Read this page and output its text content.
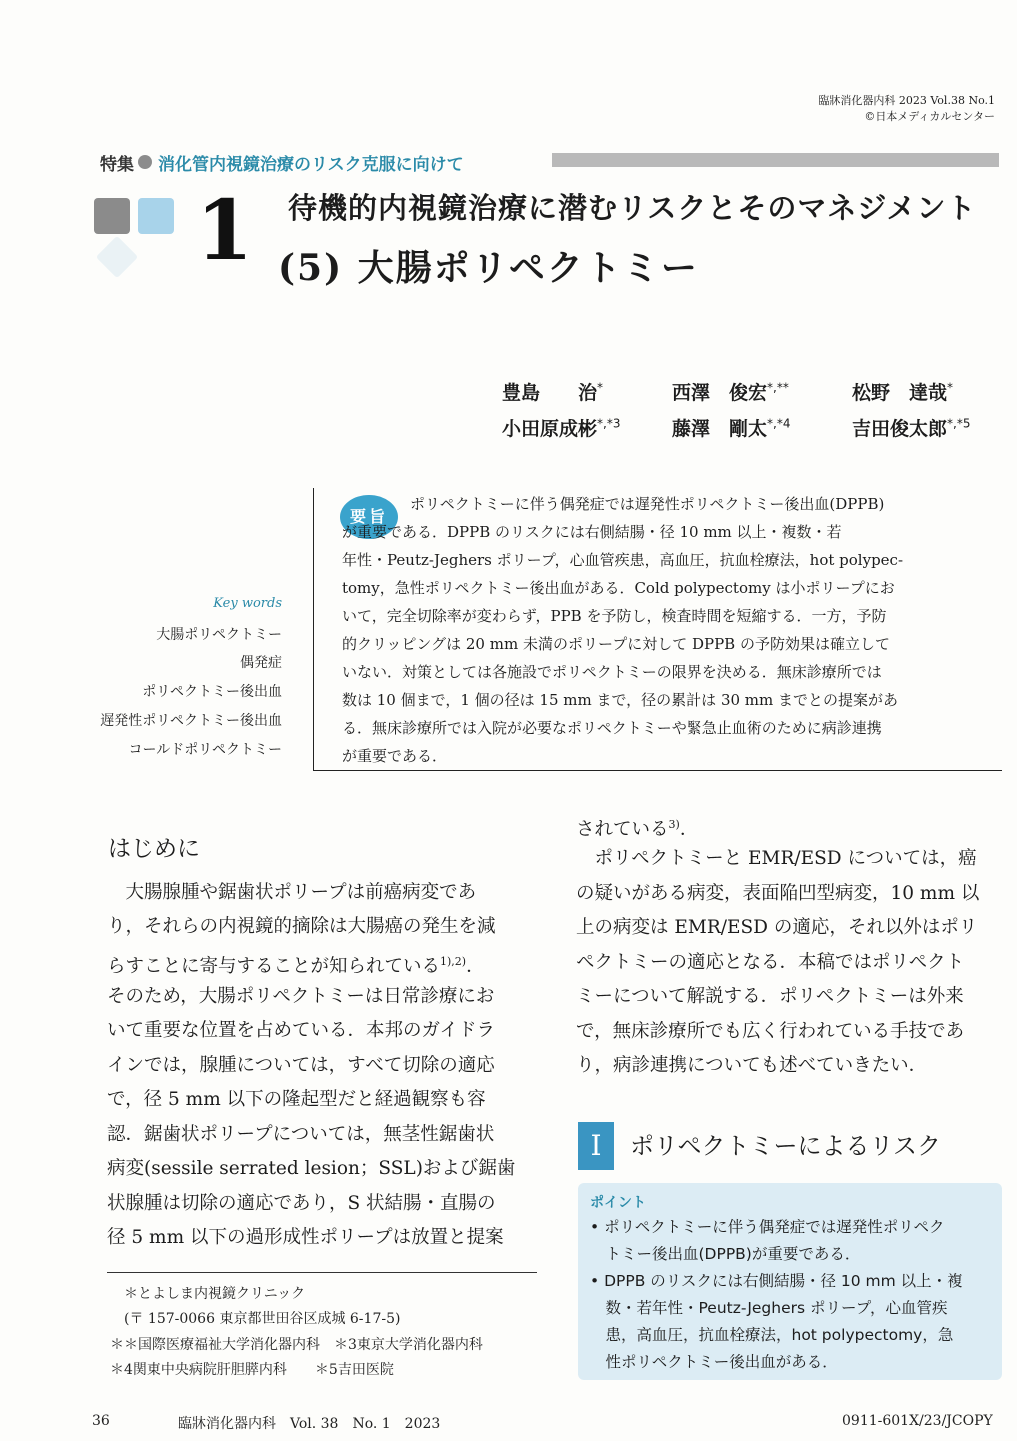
臨牀消化器内科 2023 Vol.38 No.1
©日本メディカルセンター
特集 消化管内視鏡治療のリスク克服に向けて
1 待機的内視鏡治療に潜むリスクとそのマネジメント
(5) 大腸ポリペクトミー
豊島　　治*	西澤　俊宏*,**	松野　達哉*
小田原成彬$^{*,*3}$	藤澤　剛太$^{*,*4}$	吉田俊太郎$^{*,*5}$
Key words
大腸ポリペクトミー
偶発症
ポリペクトミー後出血
遅発性ポリペクトミー後出血
コールドポリペクトミー
要旨
ポリペクトミーに伴う偶発症では遅発性ポリペクトミー後出血(DPPB)
が重要である．DPPB のリスクには右側結腸・径 10 mm 以上・複数・若
年性・Peutz-Jeghers ポリープ，心血管疾患，高血圧，抗血栓療法，hot polypec-
tomy，急性ポリペクトミー後出血がある．Cold polypectomy は小ポリープにお
いて，完全切除率が変わらず，PPB を予防し，検査時間を短縮する．一方，予防
的クリッピングは 20 mm 未満のポリープに対して DPPB の予防効果は確立して
いない．対策としては各施設でポリペクトミーの限界を決める．無床診療所では
数は 10 個まで，1 個の径は 15 mm まで，径の累計は 30 mm までとの提案があ
る．無床診療所では入院が必要なポリペクトミーや緊急止血術のために病診連携
が重要である．
はじめに
　大腸腺腫や鋸歯状ポリープは前癌病変であ
り，それらの内視鏡的摘除は大腸癌の発生を減
らすことに寄与することが知られている$^{1),2)}$．
そのため，大腸ポリペクトミーは日常診療にお
いて重要な位置を占めている．本邦のガイドラ
インでは，腺腫については，すべて切除の適応
で，径 5 mm 以下の隆起型だと経過観察も容
認．鋸歯状ポリープについては，無茎性鋸歯状
病変(sessile serrated lesion；SSL)および鋸歯
状腺腫は切除の適応であり，S 状結腸・直腸の
径 5 mm 以下の過形成性ポリープは放置と提案
されている$^{3)}$．
　ポリペクトミーと EMR/ESD については，癌
の疑いがある病変，表面陥凹型病変，10 mm 以
上の病変は EMR/ESD の適応，それ以外はポリ
ペクトミーの適応となる．本稿ではポリペクト
ミーについて解説する．ポリペクトミーは外来
で，無床診療所でも広く行われている手技であ
り，病診連携についても述べていきたい．
I	ポリペクトミーによるリスク
ポイント
• ポリペクトミーに伴う偶発症では遅発性ポリペク
　トミー後出血(DPPB)が重要である．
• DPPB のリスクには右側結腸・径 10 mm 以上・複
　数・若年性・Peutz-Jeghers ポリープ，心血管疾
　患，高血圧，抗血栓療法，hot polypectomy，急
　性ポリペクトミー後出血がある．
　＊とよしま内視鏡クリニック
　(〒 157-0066 東京都世田谷区成城 6-17-5)
＊＊国際医療福祉大学消化器内科　＊3東京大学消化器内科
＊4関東中央病院肝胆膵内科　　＊5吉田医院
36	臨牀消化器内科　Vol. 38　No. 1　2023	0911-601X/23/JCOPY
